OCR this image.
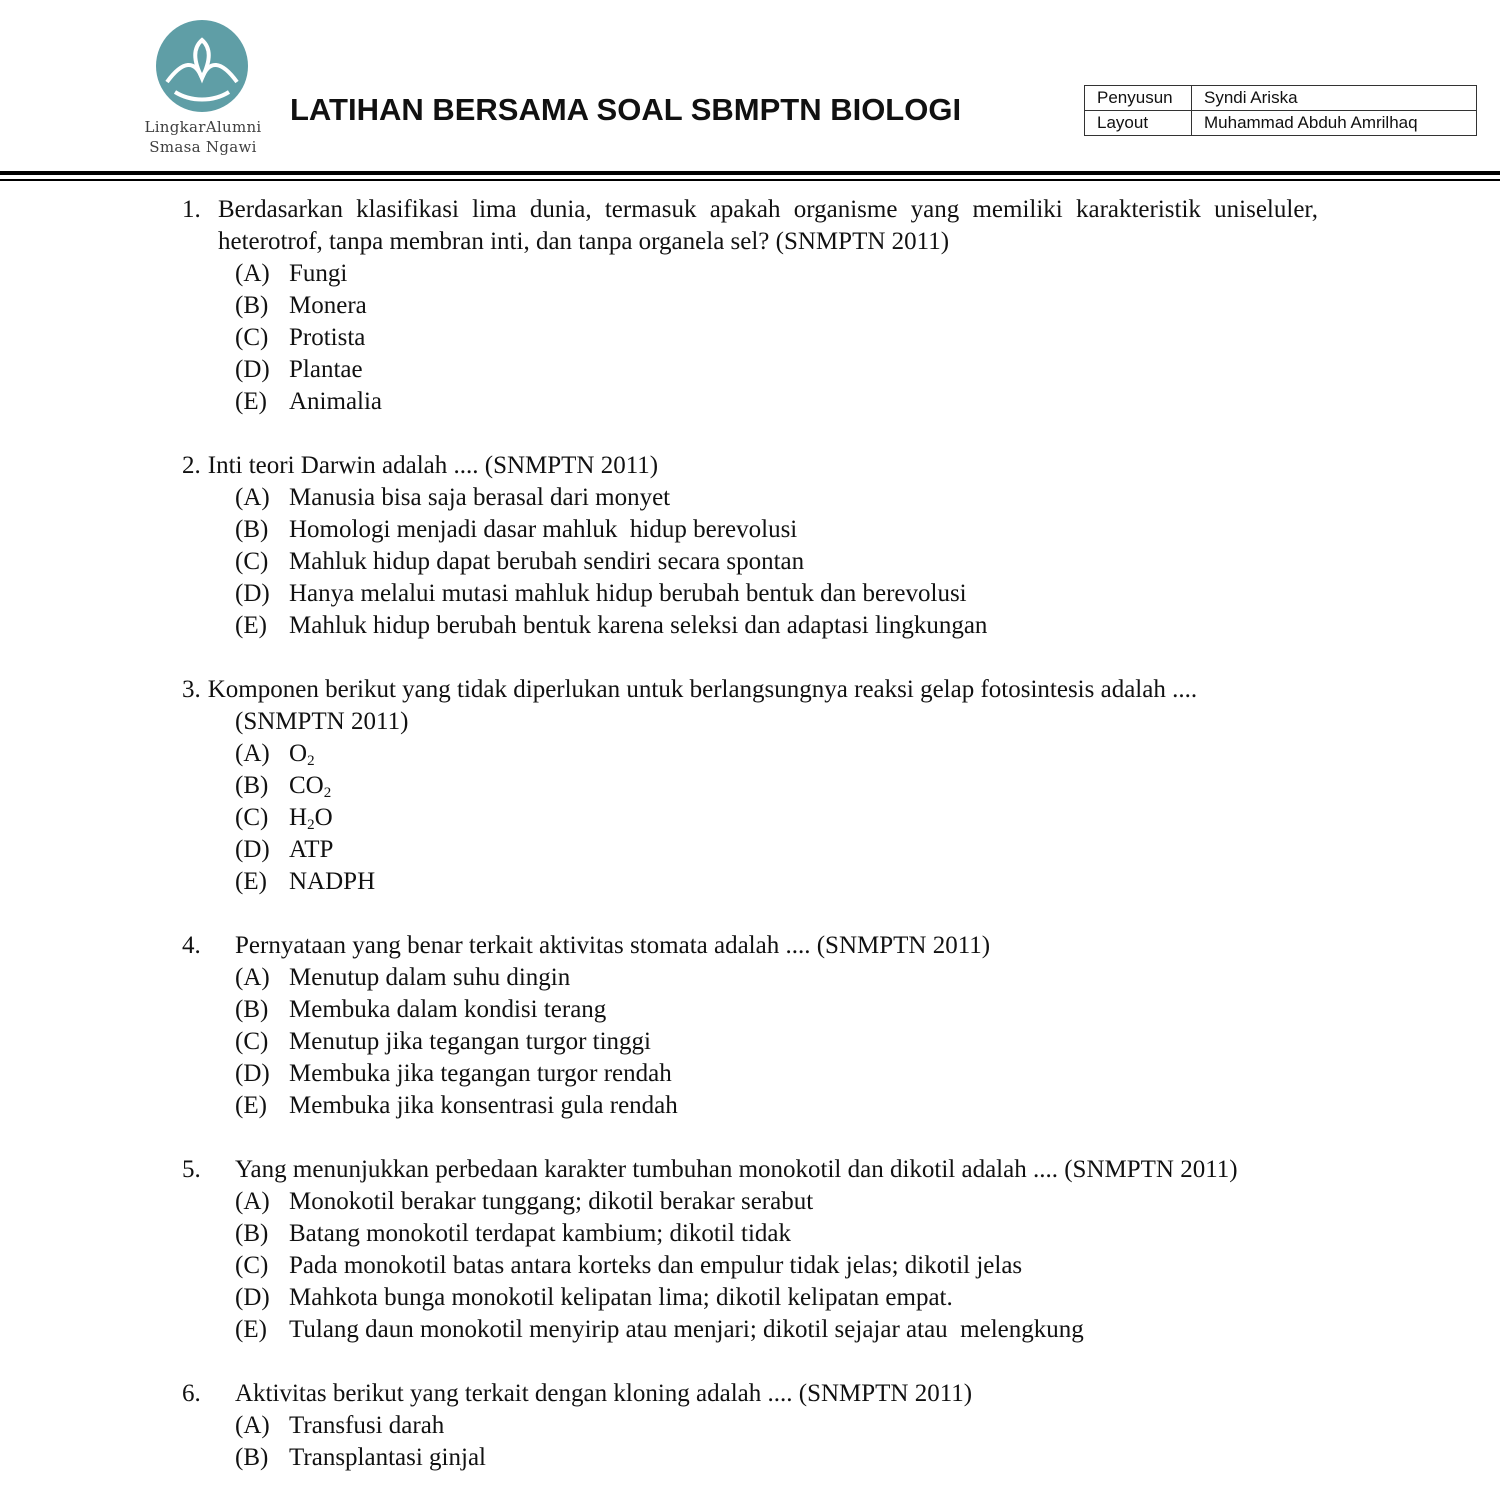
LingkarAlumni
Smasa Ngawi
LATIHAN BERSAMA SOAL SBMPTN BIOLOGI	Penyusun	Syndi Ariska
Layout	Muhammad Abduh Amrilhaq
1. Berdasarkan klasifikasi lima dunia, termasuk apakah organisme yang memiliki karakteristik uniseluler, heterotrof, tanpa membran inti, dan tanpa organela sel? (SNMPTN 2011)
(A) Fungi
(B) Monera
(C) Protista
(D) Plantae
(E) Animalia
2. Inti teori Darwin adalah .... (SNMPTN 2011)
(A) Manusia bisa saja berasal dari monyet
(B) Homologi menjadi dasar mahluk  hidup berevolusi
(C) Mahluk hidup dapat berubah sendiri secara spontan
(D) Hanya melalui mutasi mahluk hidup berubah bentuk dan berevolusi
(E) Mahluk hidup berubah bentuk karena seleksi dan adaptasi lingkungan
3. Komponen berikut yang tidak diperlukan untuk berlangsungnya reaksi gelap fotosintesis adalah ....
(SNMPTN 2011)
(A) $O_2$
(B) $CO_2$
(C) $H_2O$
(D) ATP
(E) NADPH
4.	Pernyataan yang benar terkait aktivitas stomata adalah .... (SNMPTN 2011)
(A) Menutup dalam suhu dingin
(B) Membuka dalam kondisi terang
(C) Menutup jika tegangan turgor tinggi
(D) Membuka jika tegangan turgor rendah
(E) Membuka jika konsentrasi gula rendah
5.	Yang menunjukkan perbedaan karakter tumbuhan monokotil dan dikotil adalah .... (SNMPTN 2011)
(A) Monokotil berakar tunggang; dikotil berakar serabut
(B) Batang monokotil terdapat kambium; dikotil tidak
(C) Pada monokotil batas antara korteks dan empulur tidak jelas; dikotil jelas
(D) Mahkota bunga monokotil kelipatan lima; dikotil kelipatan empat.
(E) Tulang daun monokotil menyirip atau menjari; dikotil sejajar atau  melengkung
6.	Aktivitas berikut yang terkait dengan kloning adalah .... (SNMPTN 2011)
(A) Transfusi darah
(B) Transplantasi ginjal
